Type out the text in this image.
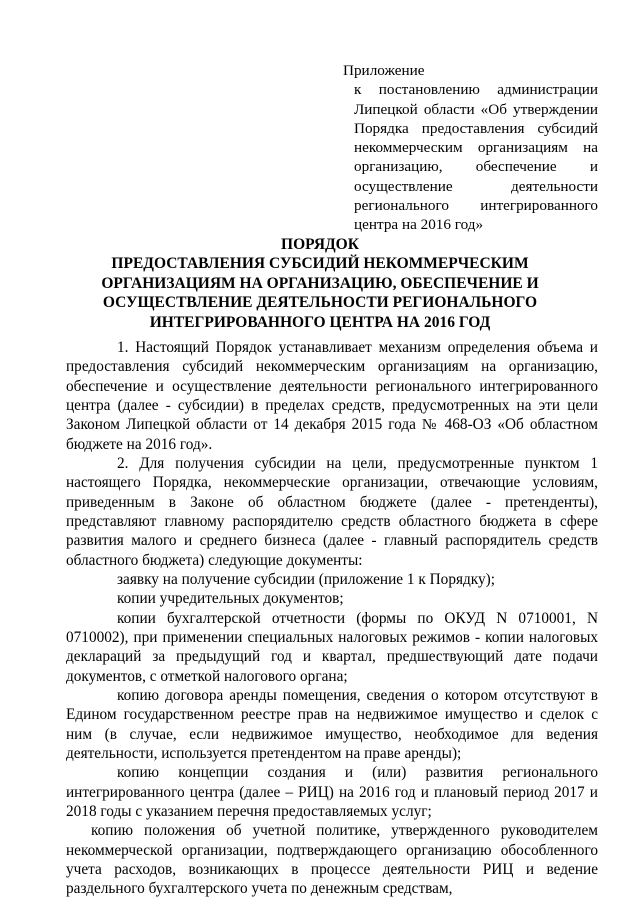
Приложение
к постановлению администрации Липецкой области «Об утверждении Порядка предоставления субсидий некоммерческим организациям на организацию, обеспечение и осуществление деятельности регионального интегрированного центра на 2016 год»
ПОРЯДОК
ПРЕДОСТАВЛЕНИЯ СУБСИДИЙ НЕКОММЕРЧЕСКИМ
ОРГАНИЗАЦИЯМ НА ОРГАНИЗАЦИЮ, ОБЕСПЕЧЕНИЕ И
ОСУЩЕСТВЛЕНИЕ ДЕЯТЕЛЬНОСТИ РЕГИОНАЛЬНОГО
ИНТЕГРИРОВАННОГО ЦЕНТРА НА 2016 ГОД

1. Настоящий Порядок устанавливает механизм определения объема и предоставления субсидий некоммерческим организациям на организацию, обеспечение и осуществление деятельности регионального интегрированного центра (далее - субсидии) в пределах средств, предусмотренных на эти цели Законом Липецкой области от 14 декабря 2015 года № 468-ОЗ «Об областном бюджете на 2016 год».

2. Для получения субсидии на цели, предусмотренные пунктом 1 настоящего Порядка, некоммерческие организации, отвечающие условиям, приведенным в Законе об областном бюджете (далее - претенденты), представляют главному распорядителю средств областного бюджета в сфере развития малого и среднего бизнеса (далее - главный распорядитель средств областного бюджета) следующие документы:

заявку на получение субсидии (приложение 1 к Порядку);

копии учредительных документов;

копии бухгалтерской отчетности (формы по ОКУД N 0710001, N 0710002), при применении специальных налоговых режимов - копии налоговых деклараций за предыдущий год и квартал, предшествующий дате подачи документов, с отметкой налогового органа;

копию договора аренды помещения, сведения о котором отсутствуют в Едином государственном реестре прав на недвижимое имущество и сделок с ним (в случае, если недвижимое имущество, необходимое для ведения деятельности, используется претендентом на праве аренды);

копию концепции создания и (или) развития регионального интегрированного центра (далее – РИЦ) на 2016 год и плановый период 2017 и 2018 годы с указанием перечня предоставляемых услуг;

копию положения об учетной политике, утвержденного руководителем некоммерческой организации, подтверждающего организацию обособленного учета расходов, возникающих в процессе деятельности РИЦ и ведение раздельного бухгалтерского учета по денежным средствам,
